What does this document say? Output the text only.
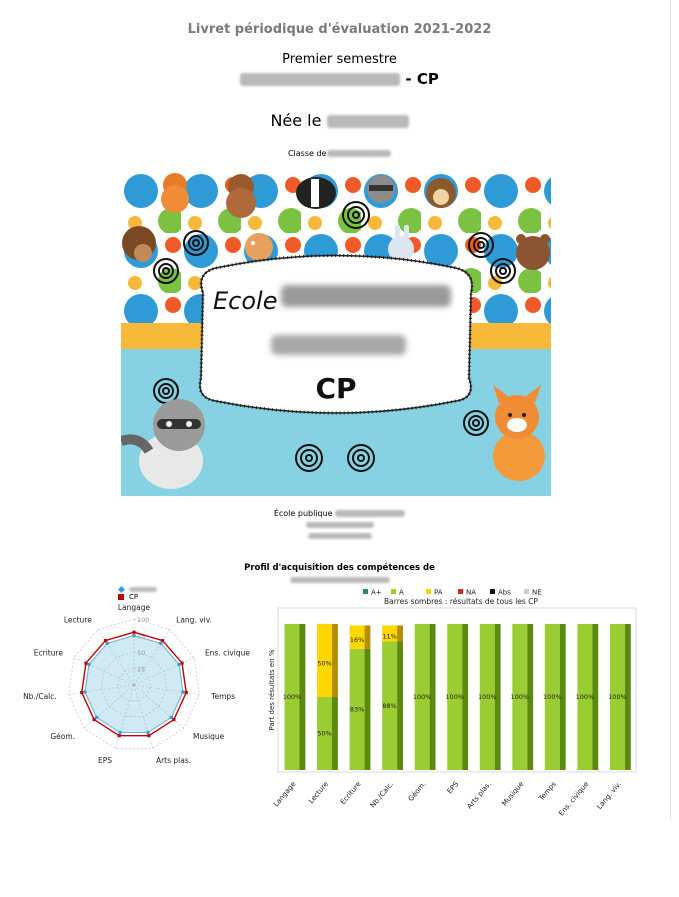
Livret périodique d'évaluation 2021-2022
Premier semestre
- CP
Née le
Classe de
Ecole
CP
École publique
Profil d'acquisition des compétences de
CP
25
50
75
100
Langage
Lang. viv.
Ens. civique
Temps
Musique
Arts plas.
EPS
Géom.
Nb./Calc.
Ecriture
Lecture
A+ A	PA	NA	Abs	NE
Barres sombres : résultats de tous les CP
Part des résultats en % 100%
Langage
50%
50%
Lecture
83%
16%
Ecriture
88%
11%
Nb./Calc.
100%
Géom.
100%
EPS
100%
Arts plas.
100%
Musique
100%
Temps
100%
Ens. civique
100%
Lang. viv.
